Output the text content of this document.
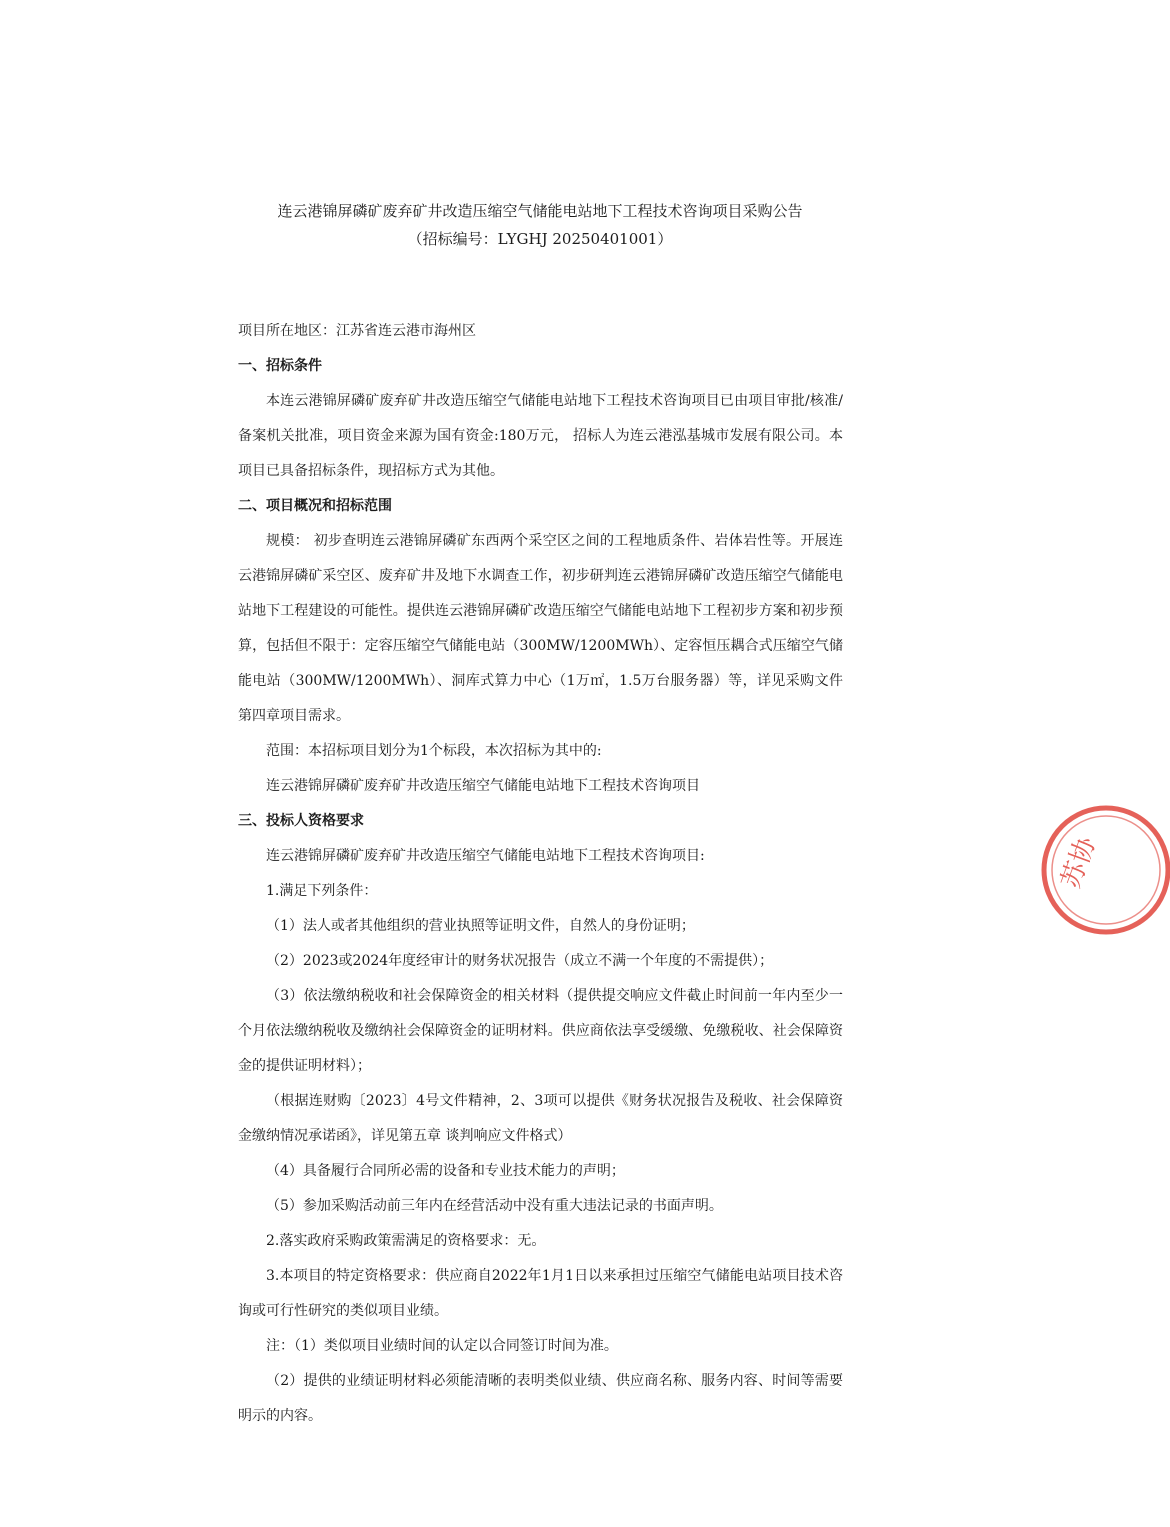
连云港锦屏磷矿废弃矿井改造压缩空气储能电站地下工程技术咨询项目采购公告
（招标编号：LYGHJ 20250401001）

项目所在地区：江苏省连云港市海州区

一、招标条件

本连云港锦屏磷矿废弃矿井改造压缩空气储能电站地下工程技术咨询项目已由项目审批/核准/备案机关批准，项目资金来源为国有资金:180万元， 招标人为连云港泓基城市发展有限公司。本项目已具备招标条件，现招标方式为其他。

二、项目概况和招标范围

规模： 初步查明连云港锦屏磷矿东西两个采空区之间的工程地质条件、岩体岩性等。开展连云港锦屏磷矿采空区、废弃矿井及地下水调查工作，初步研判连云港锦屏磷矿改造压缩空气储能电站地下工程建设的可能性。提供连云港锦屏磷矿改造压缩空气储能电站地下工程初步方案和初步预算，包括但不限于：定容压缩空气储能电站（300MW/1200MWh）、定容恒压耦合式压缩空气储能电站（300MW/1200MWh）、洞库式算力中心（1万㎡，1.5万台服务器）等，详见采购文件第四章项目需求。

范围：本招标项目划分为1个标段，本次招标为其中的:

连云港锦屏磷矿废弃矿井改造压缩空气储能电站地下工程技术咨询项目

三、投标人资格要求

连云港锦屏磷矿废弃矿井改造压缩空气储能电站地下工程技术咨询项目:

1.满足下列条件：

（1）法人或者其他组织的营业执照等证明文件，自然人的身份证明；

（2）2023或2024年度经审计的财务状况报告（成立不满一个年度的不需提供）；

（3）依法缴纳税收和社会保障资金的相关材料（提供提交响应文件截止时间前一年内至少一个月依法缴纳税收及缴纳社会保障资金的证明材料。供应商依法享受缓缴、免缴税收、社会保障资金的提供证明材料）；

（根据连财购〔2023〕4号文件精神，2、3项可以提供《财务状况报告及税收、社会保障资金缴纳情况承诺函》，详见第五章 谈判响应文件格式）

（4）具备履行合同所必需的设备和专业技术能力的声明；

（5）参加采购活动前三年内在经营活动中没有重大违法记录的书面声明。

2.落实政府采购政策需满足的资格要求：无。

3.本项目的特定资格要求：供应商自2022年1月1日以来承担过压缩空气储能电站项目技术咨询或可行性研究的类似项目业绩。

注：（1）类似项目业绩时间的认定以合同签订时间为准。

（2）提供的业绩证明材料必须能清晰的表明类似业绩、供应商名称、服务内容、时间等需要明示的内容。

苏协
